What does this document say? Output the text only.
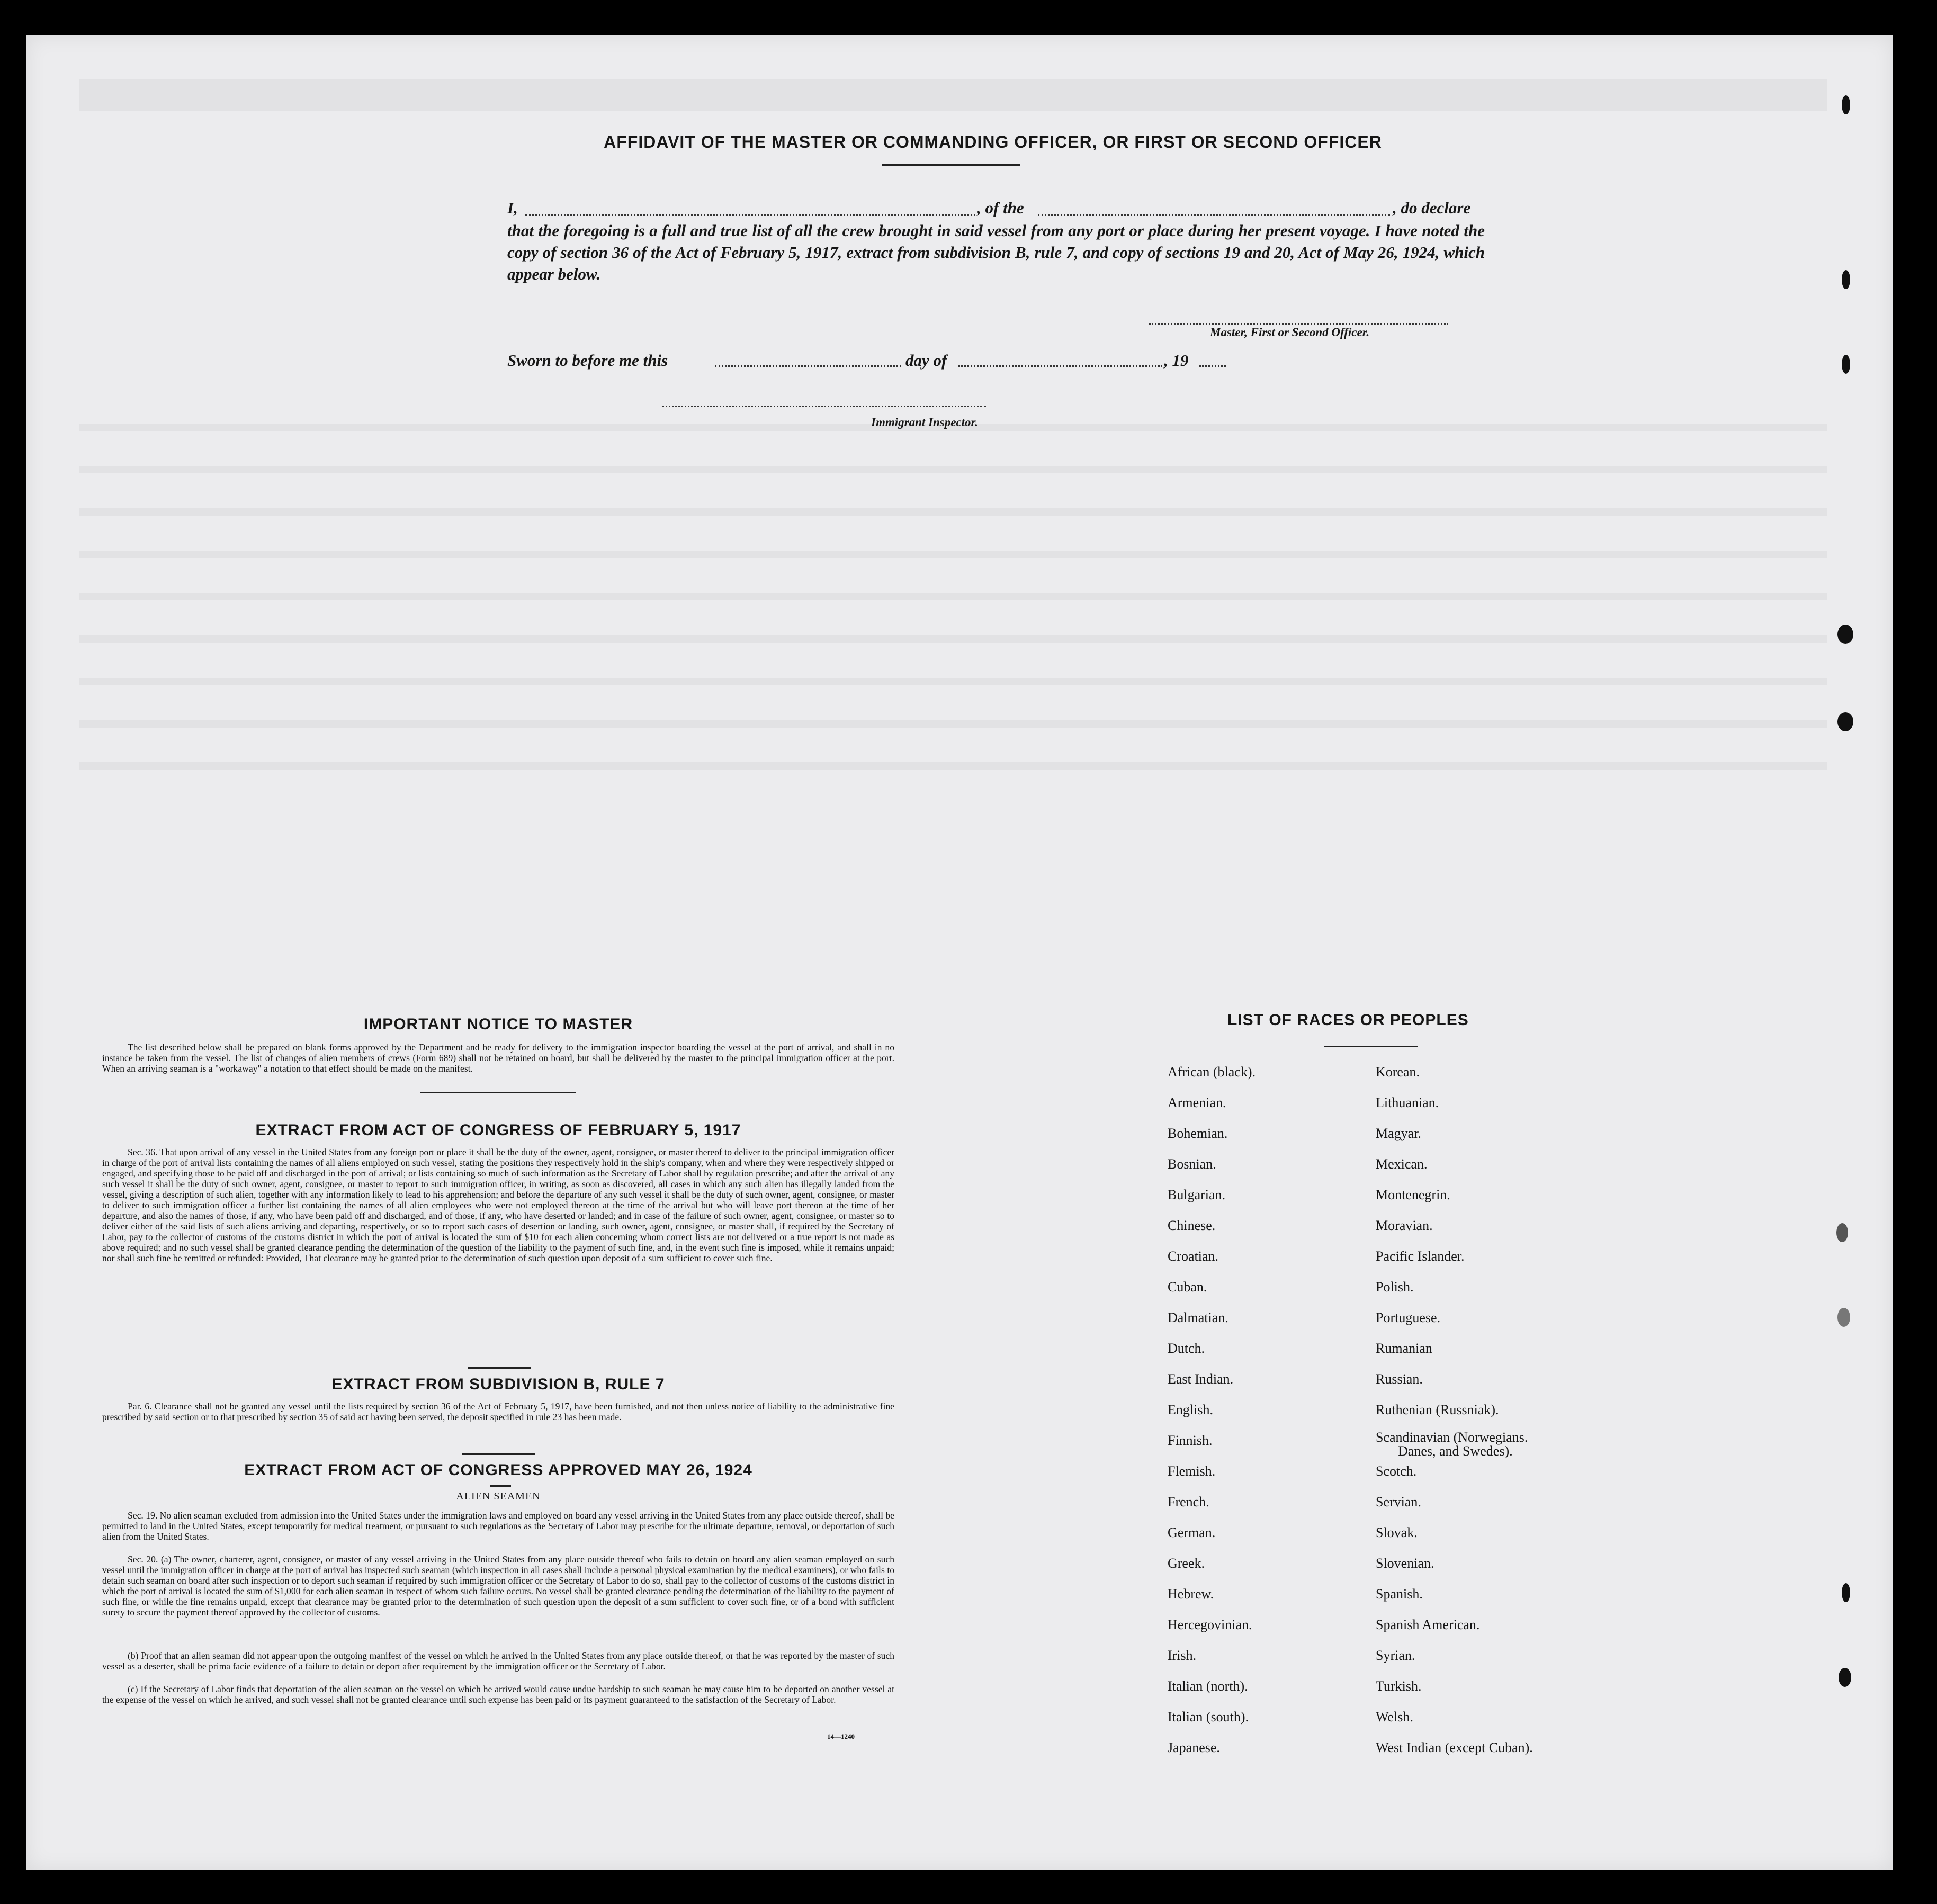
AFFIDAVIT OF THE MASTER OR COMMANDING OFFICER, OR FIRST OR SECOND OFFICER
I,	, of the	, do declare
that the foregoing is a full and true list of all the crew brought in said vessel from any port or place during her present voyage. I have noted the copy of section 36 of the Act of February 5, 1917, extract from subdivision B, rule 7, and copy of sections 19 and 20, Act of May 26, 1924, which appear below.
Master, First or Second Officer.
Sworn to before me this	day of	, 19
Immigrant Inspector.
IMPORTANT NOTICE TO MASTER
The list described below shall be prepared on blank forms approved by the Department and be ready for delivery to the immigration inspector boarding the vessel at the port of arrival, and shall in no instance be taken from the vessel. The list of changes of alien members of crews (Form 689) shall not be retained on board, but shall be delivered by the master to the principal immigration officer at the port. When an arriving seaman is a "workaway" a notation to that effect should be made on the manifest.
EXTRACT FROM ACT OF CONGRESS OF FEBRUARY 5, 1917
Sec. 36. That upon arrival of any vessel in the United States from any foreign port or place it shall be the duty of the owner, agent, consignee, or master thereof to deliver to the principal immigration officer in charge of the port of arrival lists containing the names of all aliens employed on such vessel, stating the positions they respectively hold in the ship's company, when and where they were respectively shipped or engaged, and specifying those to be paid off and discharged in the port of arrival; or lists containing so much of such information as the Secretary of Labor shall by regulation prescribe; and after the arrival of any such vessel it shall be the duty of such owner, agent, consignee, or master to report to such immigration officer, in writing, as soon as discovered, all cases in which any such alien has illegally landed from the vessel, giving a description of such alien, together with any information likely to lead to his apprehension; and before the departure of any such vessel it shall be the duty of such owner, agent, consignee, or master to deliver to such immigration officer a further list containing the names of all alien employees who were not employed thereon at the time of the arrival but who will leave port thereon at the time of her departure, and also the names of those, if any, who have been paid off and discharged, and of those, if any, who have deserted or landed; and in case of the failure of such owner, agent, consignee, or master so to deliver either of the said lists of such aliens arriving and departing, respectively, or so to report such cases of desertion or landing, such owner, agent, consignee, or master shall, if required by the Secretary of Labor, pay to the collector of customs of the customs district in which the port of arrival is located the sum of $10 for each alien concerning whom correct lists are not delivered or a true report is not made as above required; and no such vessel shall be granted clearance pending the determination of the question of the liability to the payment of such fine, and, in the event such fine is imposed, while it remains unpaid; nor shall such fine be remitted or refunded: Provided, That clearance may be granted prior to the determination of such question upon deposit of a sum sufficient to cover such fine.
EXTRACT FROM SUBDIVISION B, RULE 7
Par. 6. Clearance shall not be granted any vessel until the lists required by section 36 of the Act of February 5, 1917, have been furnished, and not then unless notice of liability to the administrative fine prescribed by said section or to that prescribed by section 35 of said act having been served, the deposit specified in rule 23 has been made.
EXTRACT FROM ACT OF CONGRESS APPROVED MAY 26, 1924
ALIEN SEAMEN
Sec. 19. No alien seaman excluded from admission into the United States under the immigration laws and employed on board any vessel arriving in the United States from any place outside thereof, shall be permitted to land in the United States, except temporarily for medical treatment, or pursuant to such regulations as the Secretary of Labor may prescribe for the ultimate departure, removal, or deportation of such alien from the United States.
Sec. 20. (a) The owner, charterer, agent, consignee, or master of any vessel arriving in the United States from any place outside thereof who fails to detain on board any alien seaman employed on such vessel until the immigration officer in charge at the port of arrival has inspected such seaman (which inspection in all cases shall include a personal physical examination by the medical examiners), or who fails to detain such seaman on board after such inspection or to deport such seaman if required by such immigration officer or the Secretary of Labor to do so, shall pay to the collector of customs of the customs district in which the port of arrival is located the sum of $1,000 for each alien seaman in respect of whom such failure occurs. No vessel shall be granted clearance pending the determination of the liability to the payment of such fine, or while the fine remains unpaid, except that clearance may be granted prior to the determination of such question upon the deposit of a sum sufficient to cover such fine, or of a bond with sufficient surety to secure the payment thereof approved by the collector of customs.
(b) Proof that an alien seaman did not appear upon the outgoing manifest of the vessel on which he arrived in the United States from any place outside thereof, or that he was reported by the master of such vessel as a deserter, shall be prima facie evidence of a failure to detain or deport after requirement by the immigration officer or the Secretary of Labor.
(c) If the Secretary of Labor finds that deportation of the alien seaman on the vessel on which he arrived would cause undue hardship to such seaman he may cause him to be deported on another vessel at the expense of the vessel on which he arrived, and such vessel shall not be granted clearance until such expense has been paid or its payment guaranteed to the satisfaction of the Secretary of Labor.
14—1240
LIST OF RACES OR PEOPLES
African (black).
Armenian.
Bohemian.
Bosnian.
Bulgarian.
Chinese.
Croatian.
Cuban.
Dalmatian.
Dutch.
East Indian.
English.
Finnish.
Flemish.
French.
German.
Greek.
Hebrew.
Hercegovinian.
Irish.
Italian (north).
Italian (south).
Japanese.
Korean.
Lithuanian.
Magyar.
Mexican.
Montenegrin.
Moravian.
Pacific Islander.
Polish.
Portuguese.
Rumanian
Russian.
Ruthenian (Russniak).
Scandinavian (Norwegians.
Danes, and Swedes).
Scotch.
Servian.
Slovak.
Slovenian.
Spanish.
Spanish American.
Syrian.
Turkish.
Welsh.
West Indian (except Cuban).
